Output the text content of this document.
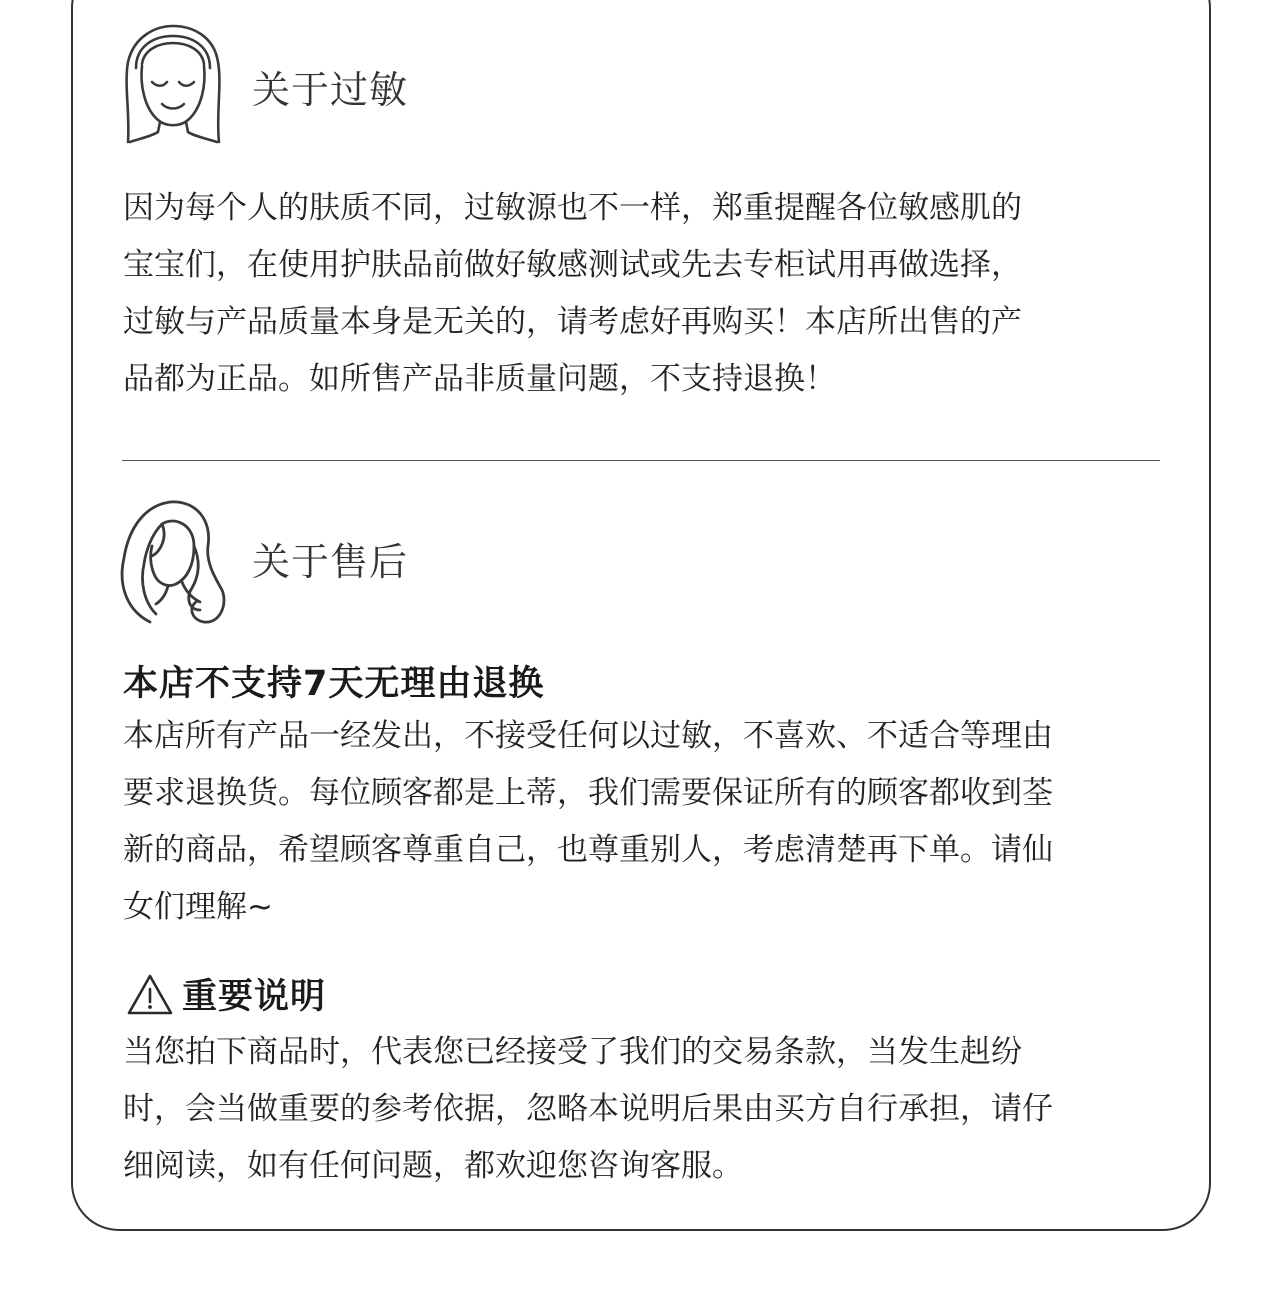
关于过敏
因为每个人的肤质不同，过敏源也不一样，郑重提醒各位敏感肌的
宝宝们，在使用护肤品前做好敏感测试或先去专柜试用再做选择，
过敏与产品质量本身是无关的，请考虑好再购买！本店所出售的产
品都为正品。如所售产品非质量问题，不支持退换！
关于售后
本店不支持7天无理由退换
本店所有产品一经发出，不接受任何以过敏，不喜欢、不适合等理由
要求退换货。每位顾客都是上蒂，我们需要保证所有的顾客都收到荃
新的商品，希望顾客尊重自己，也尊重别人，考虑清楚再下单。请仙
女们理解~
重要说明
当您拍下商品时，代表您已经接受了我们的交易条款，当发生赳纷
时，会当做重要的参考依据，忽略本说明后果由买方自行承担，请仔
细阅读，如有任何问题，都欢迎您咨询客服。
